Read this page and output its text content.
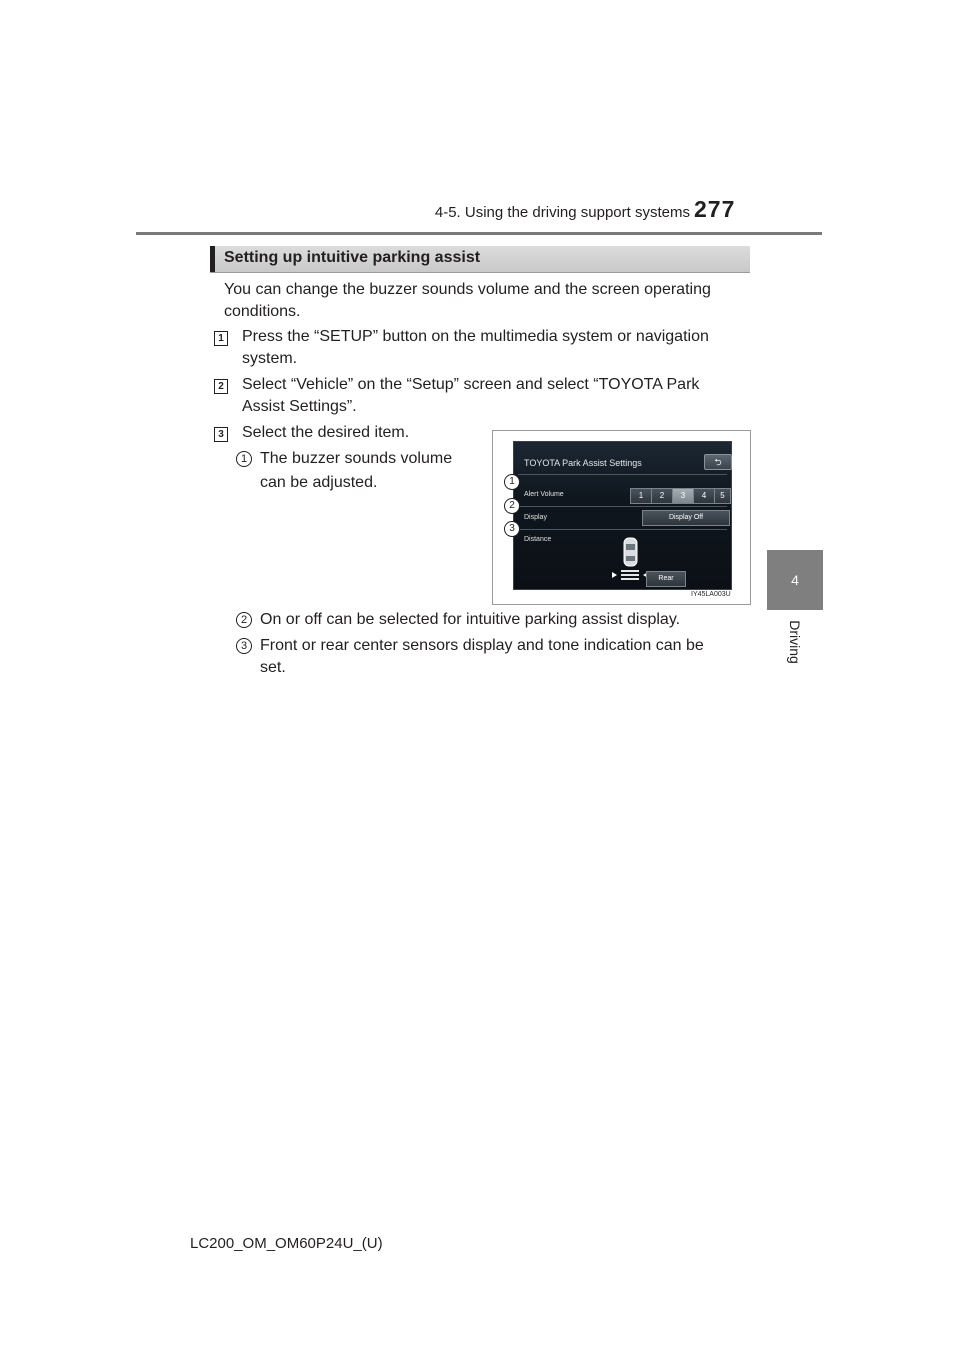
4-5. Using the driving support systems 277
4
Driving
Setting up intuitive parking assist
You can change the buzzer sounds volume and the screen operating
conditions.
1 Press the “SETUP” button on the multimedia system or navigation
system.
2 Select “Vehicle” on the “Setup” screen and select “TOYOTA Park
Assist Settings”.
3 Select the desired item.
1 The buzzer sounds volume
can be adjusted.
TOYOTA Park Assist Settings	⮌
Alert Volume	1	2	3	4	5
Display	Display Off
Distance
Rear
1
2
3
IY45LA003U
2 On or off can be selected for intuitive parking assist display.
3 Front or rear center sensors display and tone indication can be
set.
LC200_OM_OM60P24U_(U)
